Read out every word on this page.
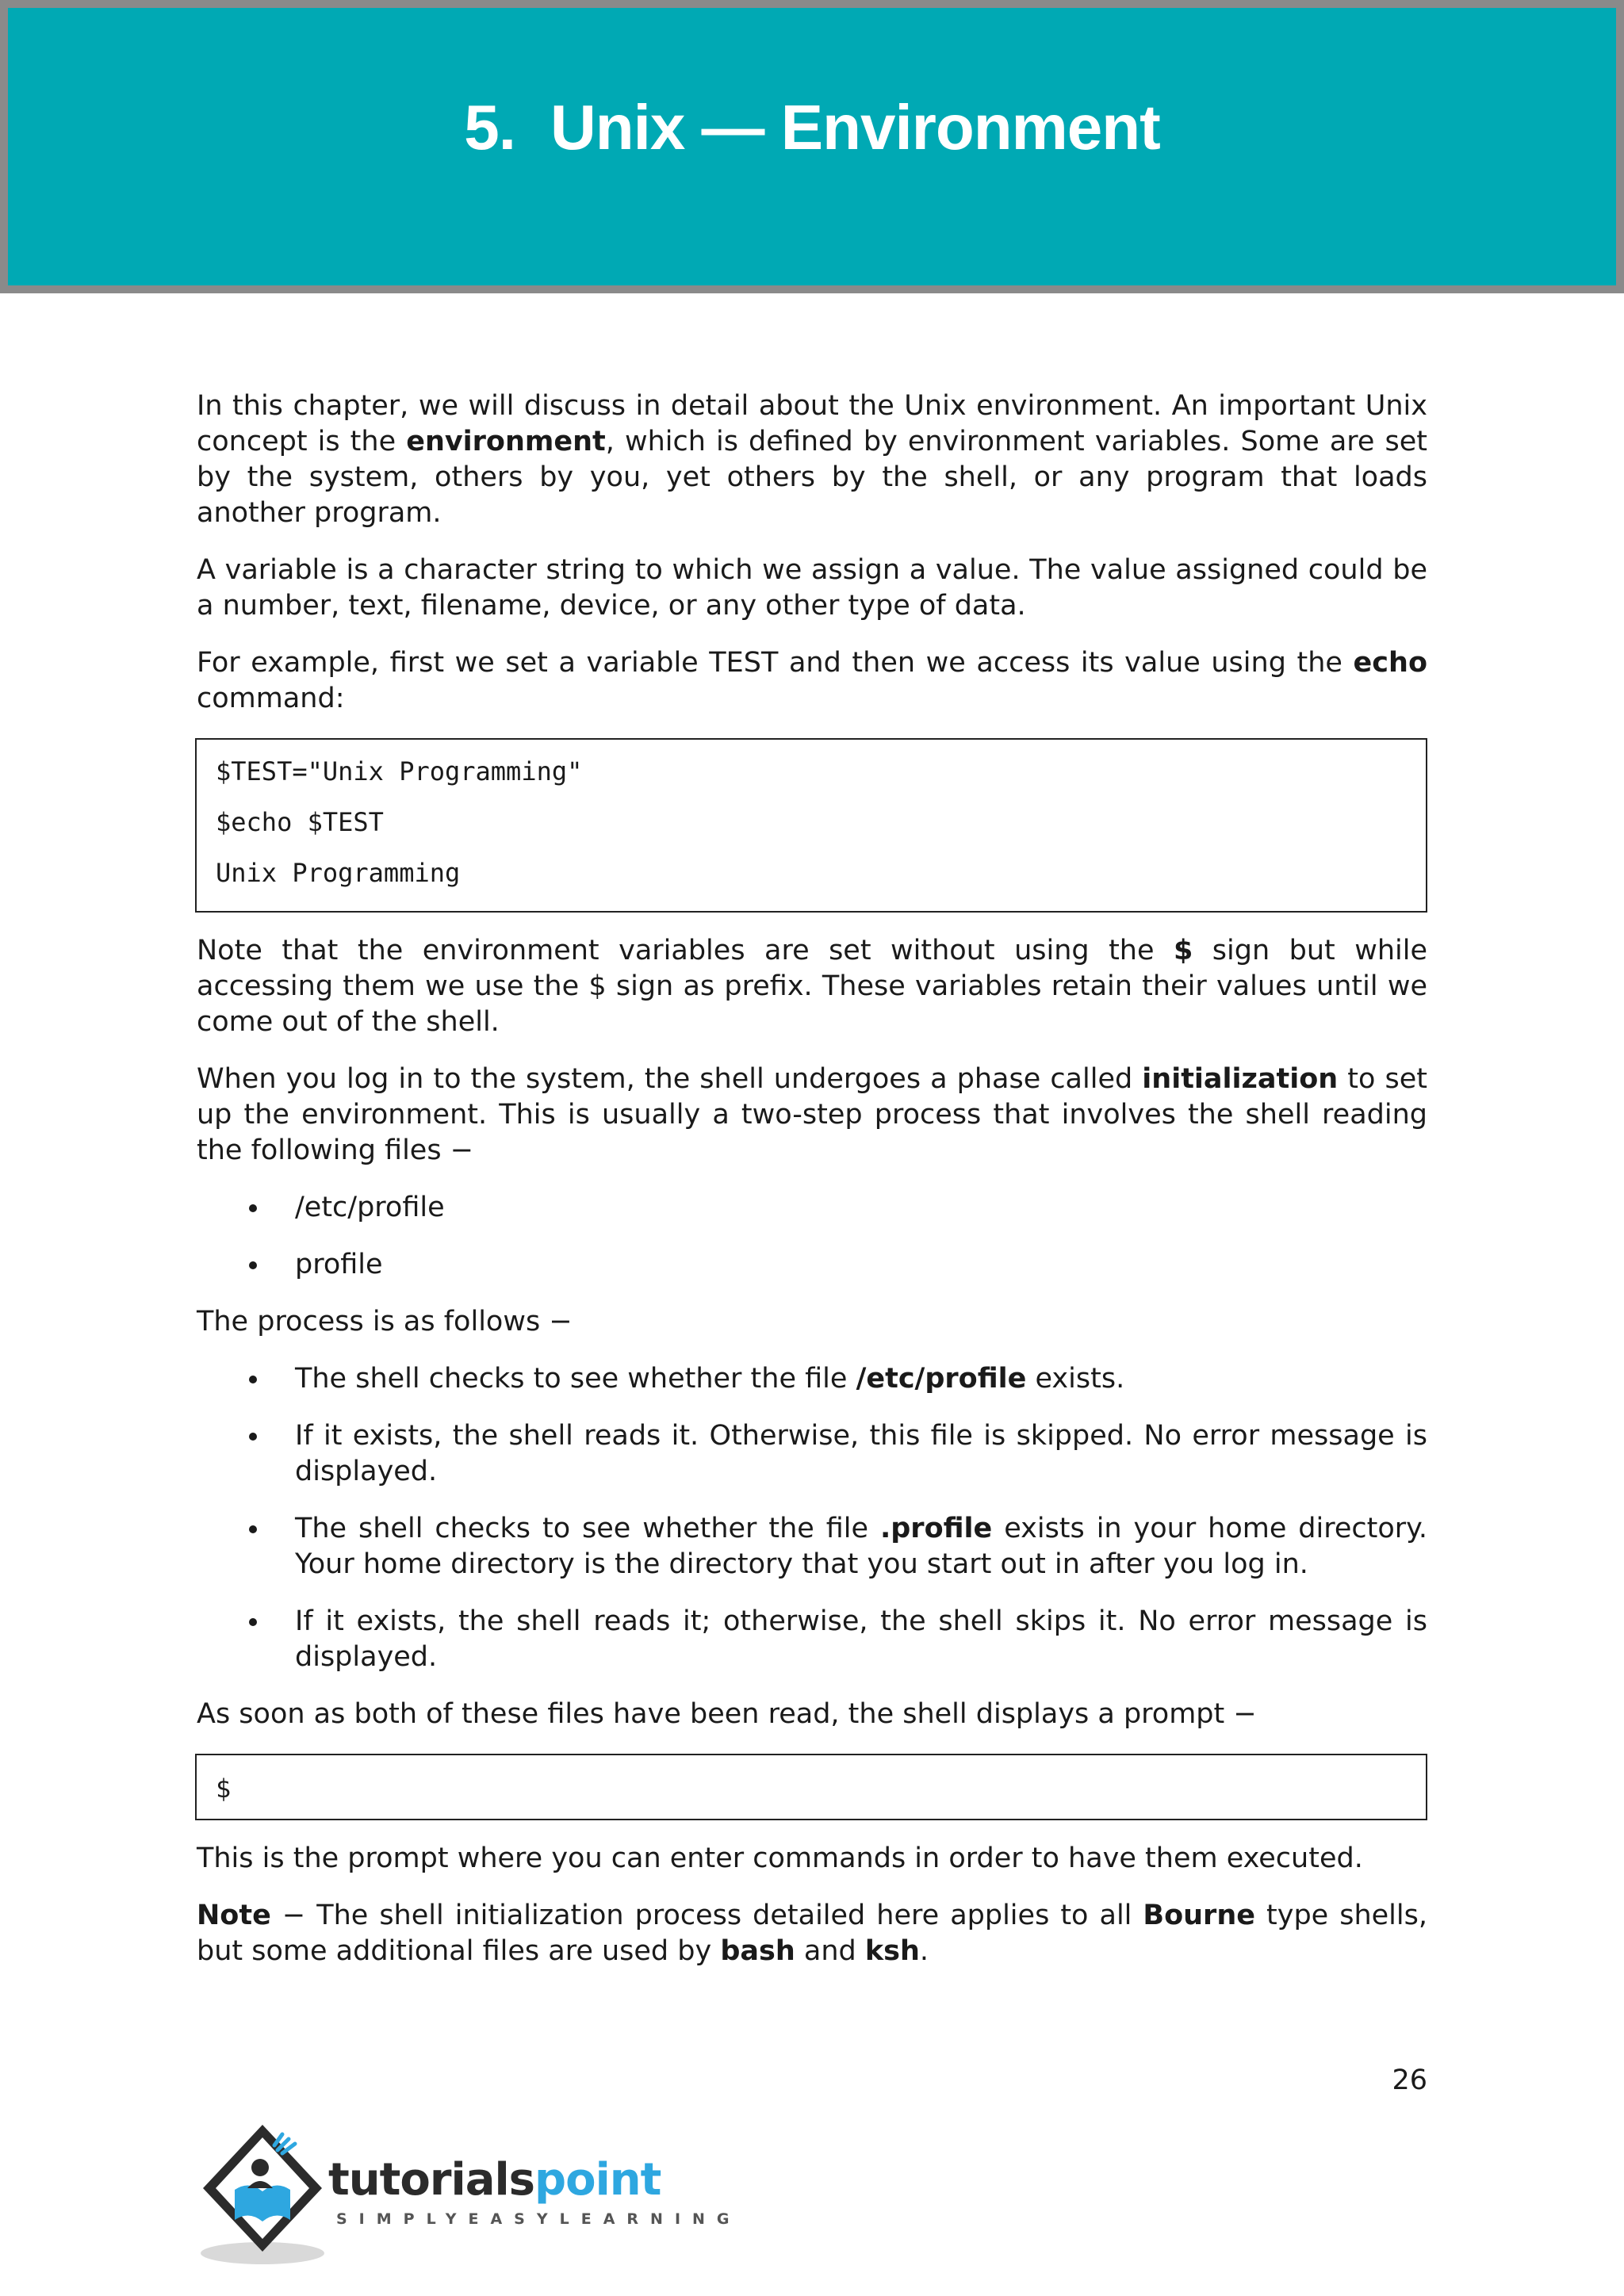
5. Unix — Environment

In this chapter, we will discuss in detail about the Unix environment. An important Unix concept is the environment, which is defined by environment variables. Some are set by the system, others by you, yet others by the shell, or any program that loads another program.

A variable is a character string to which we assign a value. The value assigned could be a number, text, filename, device, or any other type of data.

For example, first we set a variable TEST and then we access its value using the echo command:

$TEST="Unix Programming"
$echo $TEST
Unix Programming

Note that the environment variables are set without using the $ sign but while accessing them we use the $ sign as prefix. These variables retain their values until we come out of the shell.

When you log in to the system, the shell undergoes a phase called initialization to set up the environment. This is usually a two-step process that involves the shell reading the following files −

/etc/profile
profile

The process is as follows −

The shell checks to see whether the file /etc/profile exists.
If it exists, the shell reads it. Otherwise, this file is skipped. No error message is displayed.
The shell checks to see whether the file .profile exists in your home directory. Your home directory is the directory that you start out in after you log in.
If it exists, the shell reads it; otherwise, the shell skips it. No error message is displayed.

As soon as both of these files have been read, the shell displays a prompt −

$

This is the prompt where you can enter commands in order to have them executed.

Note − The shell initialization process detailed here applies to all Bourne type shells, but some additional files are used by bash and ksh.

26
tutorialspoint
SIMPLYEASYLEARNING
